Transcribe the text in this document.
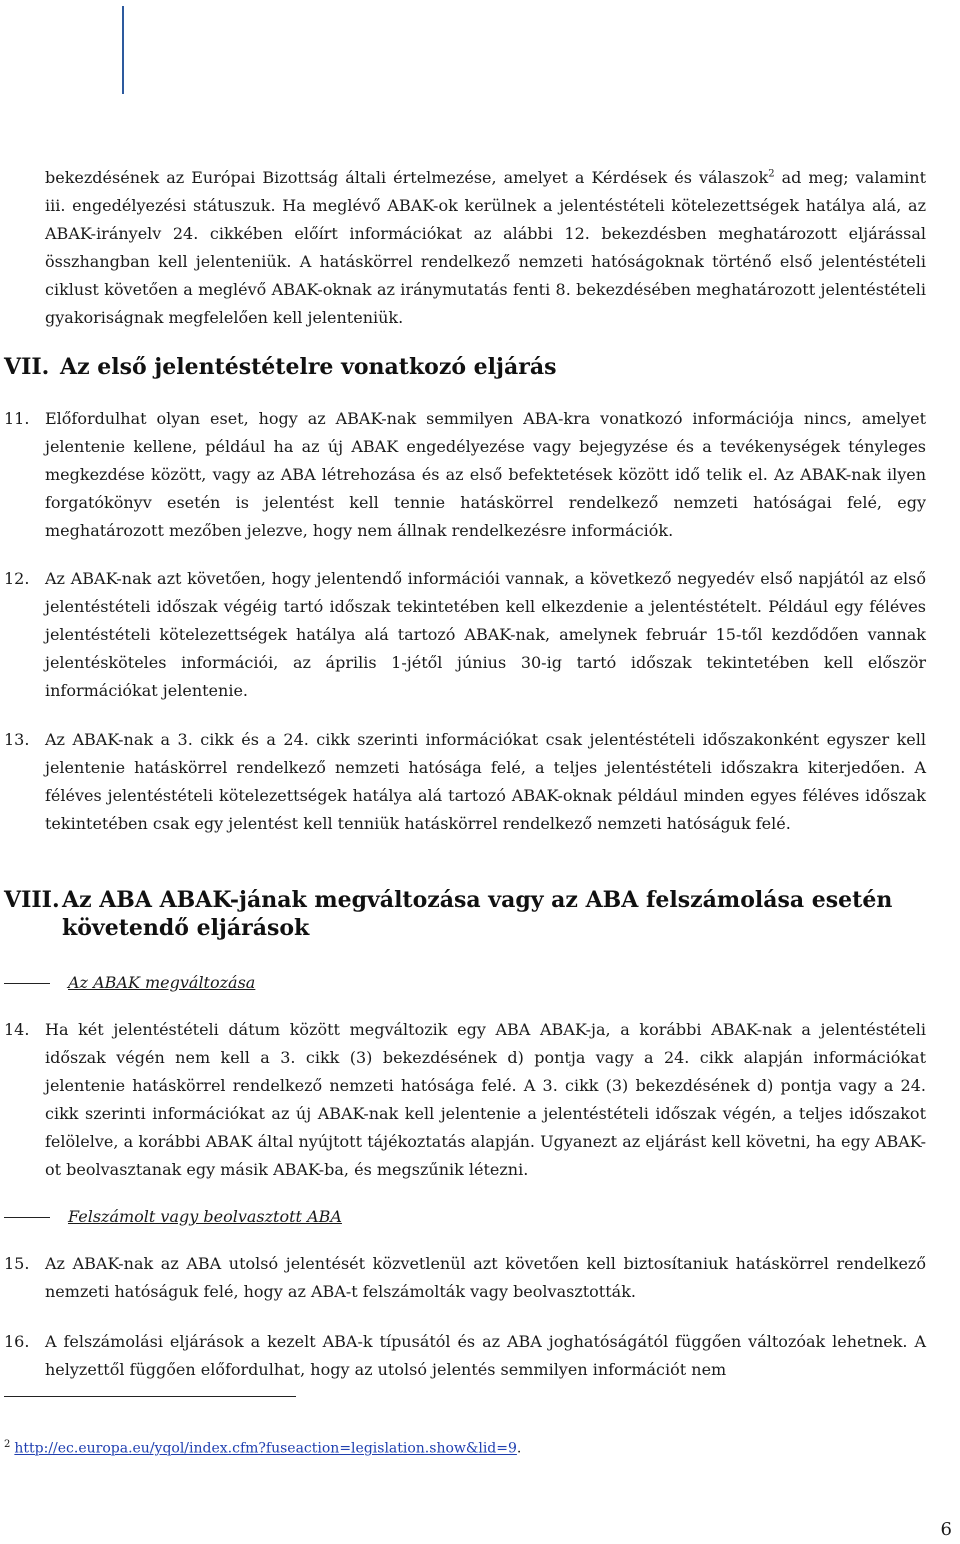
bekezdésének az Európai Bizottság általi értelmezése, amelyet a Kérdések és válaszok$^2$ ad meg; valamint iii. engedélyezési státuszuk. Ha meglévő ABAK-ok kerülnek a jelentéstételi kötelezettségek hatálya alá, az ABAK-irányelv 24. cikkében előírt információkat az alábbi 12. bekezdésben meghatározott eljárással összhangban kell jelenteniük. A hatáskörrel rendelkező nemzeti hatóságoknak történő első jelentéstételi ciklust követően a meglévő ABAK-oknak az iránymutatás fenti 8. bekezdésében meghatározott jelentéstételi gyakoriságnak megfelelően kell jelenteniük.

VII. Az első jelentéstételre vonatkozó eljárás
11. Előfordulhat olyan eset, hogy az ABAK-nak semmilyen ABA-kra vonatkozó információja nincs, amelyet jelentenie kellene, például ha az új ABAK engedélyezése vagy bejegyzése és a tevékenységek tényleges megkezdése között, vagy az ABA létrehozása és az első befektetések között idő telik el. Az ABAK-nak ilyen forgatókönyv esetén is jelentést kell tennie hatáskörrel rendelkező nemzeti hatóságai felé, egy meghatározott mezőben jelezve, hogy nem állnak rendelkezésre információk.
12. Az ABAK-nak azt követően, hogy jelentendő információi vannak, a következő negyedév első napjától az első jelentéstételi időszak végéig tartó időszak tekintetében kell elkezdenie a jelentéstételt. Például egy féléves jelentéstételi kötelezettségek hatálya alá tartozó ABAK-nak, amelynek február 15-től kezdődően vannak jelentésköteles információi, az április 1-jétől június 30-ig tartó időszak tekintetében kell először információkat jelentenie.
13. Az ABAK-nak a 3. cikk és a 24. cikk szerinti információkat csak jelentéstételi időszakonként egyszer kell jelentenie hatáskörrel rendelkező nemzeti hatósága felé, a teljes jelentéstételi időszakra kiterjedően. A féléves jelentéstételi kötelezettségek hatálya alá tartozó ABAK-oknak például minden egyes féléves időszak tekintetében csak egy jelentést kell tenniük hatáskörrel rendelkező nemzeti hatóságuk felé.
VIII. Az ABA ABAK-jának megváltozása vagy az ABA felszámolása esetén követendő eljárások
Az ABAK megváltozása
14. Ha két jelentéstételi dátum között megváltozik egy ABA ABAK-ja, a korábbi ABAK-nak a jelentéstételi időszak végén nem kell a 3. cikk (3) bekezdésének d) pontja vagy a 24. cikk alapján információkat jelentenie hatáskörrel rendelkező nemzeti hatósága felé. A 3. cikk (3) bekezdésének d) pontja vagy a 24. cikk szerinti információkat az új ABAK-nak kell jelentenie a jelentéstételi időszak végén, a teljes időszakot felölelve, a korábbi ABAK által nyújtott tájékoztatás alapján. Ugyanezt az eljárást kell követni, ha egy ABAK-ot beolvasztanak egy másik ABAK-ba, és megszűnik létezni.
Felszámolt vagy beolvasztott ABA
15. Az ABAK-nak az ABA utolsó jelentését közvetlenül azt követően kell biztosítaniuk hatáskörrel rendelkező nemzeti hatóságuk felé, hogy az ABA-t felszámolták vagy beolvasztották.
16. A felszámolási eljárások a kezelt ABA-k típusától és az ABA joghatóságától függően változóak lehetnek. A helyzettől függően előfordulhat, hogy az utolsó jelentés semmilyen információt nem
$^2$ http://ec.europa.eu/yqol/index.cfm?fuseaction=legislation.show&lid=9.
6
